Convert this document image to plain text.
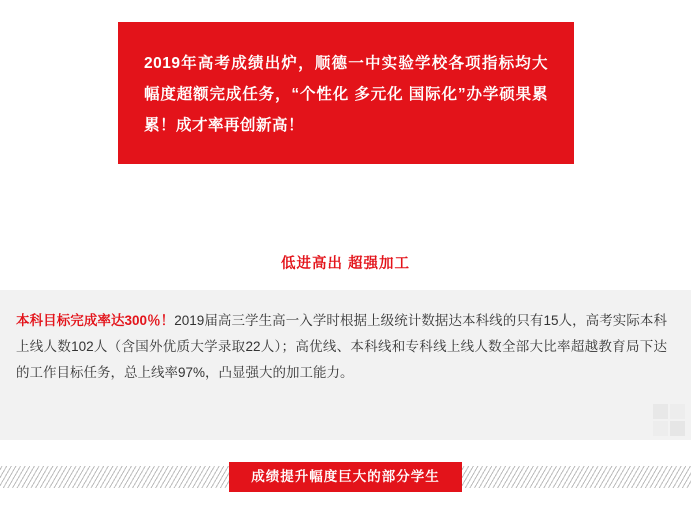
2019年高考成绩出炉，顺德一中实验学校各项指标均大幅度超额完成任务，“个性化 多元化 国际化”办学硕果累累！成才率再创新高！
低进高出 超强加工
本科目标完成率达300％！2019届高三学生高一入学时根据上级统计数据达本科线的只有15人，高考实际本科上线人数102人（含国外优质大学录取22人）；高优线、本科线和专科线上线人数全部大比率超越教育局下达的工作目标任务，总上线率97%，凸显强大的加工能力。
成绩提升幅度巨大的部分学生
